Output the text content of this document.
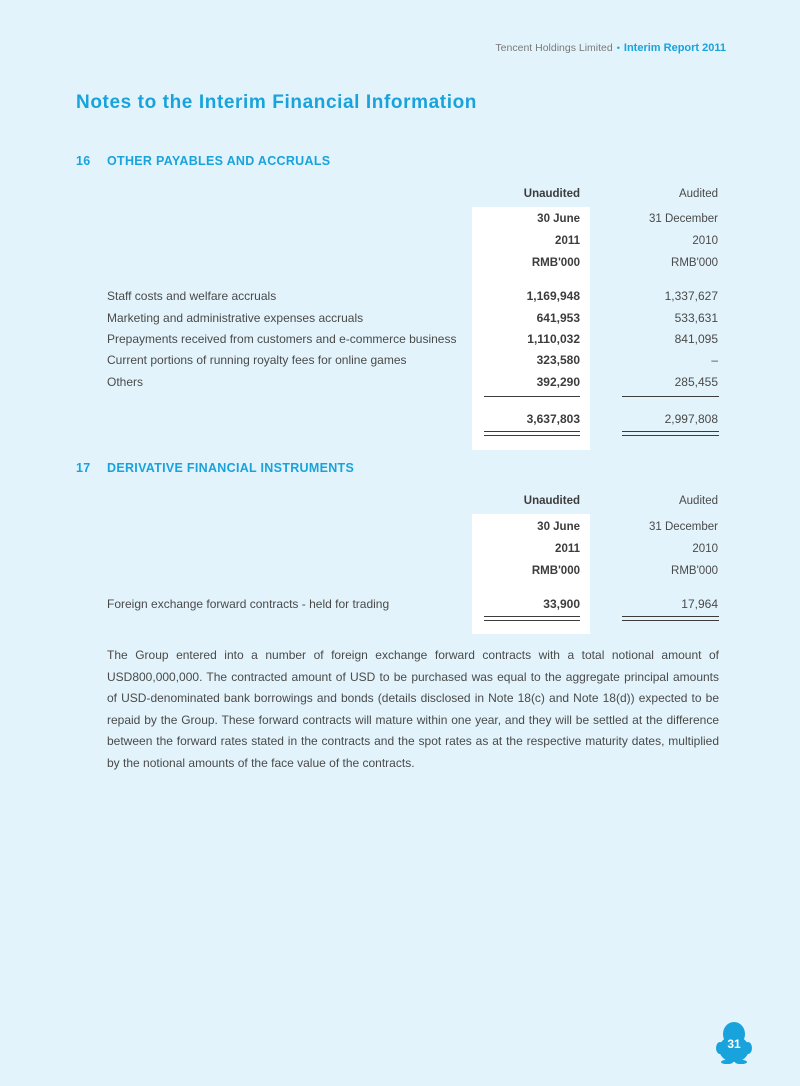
Tencent Holdings Limited • Interim Report 2011
Notes to the Interim Financial Information
16 OTHER PAYABLES AND ACCRUALS
Unaudited	Audited
30 June	31 December
2011	2010
RMB'000	RMB'000
Staff costs and welfare accruals	1,169,948	1,337,627
Marketing and administrative expenses accruals	641,953	533,631
Prepayments received from customers and e-commerce business	1,110,032	841,095
Current portions of running royalty fees for online games	323,580	–
Others	392,290	285,455
3,637,803	2,997,808
17 DERIVATIVE FINANCIAL INSTRUMENTS
Unaudited	Audited
30 June	31 December
2011	2010
RMB'000	RMB'000
Foreign exchange forward contracts - held for trading	33,900	17,964

The Group entered into a number of foreign exchange forward contracts with a total notional amount of USD800,000,000. The contracted amount of USD to be purchased was equal to the aggregate principal amounts of USD-denominated bank borrowings and bonds (details disclosed in Note 18(c) and Note 18(d)) expected to be repaid by the Group. These forward contracts will mature within one year, and they will be settled at the difference between the forward rates stated in the contracts and the spot rates as at the respective maturity dates, multiplied by the notional amounts of the face value of the contracts.

31
